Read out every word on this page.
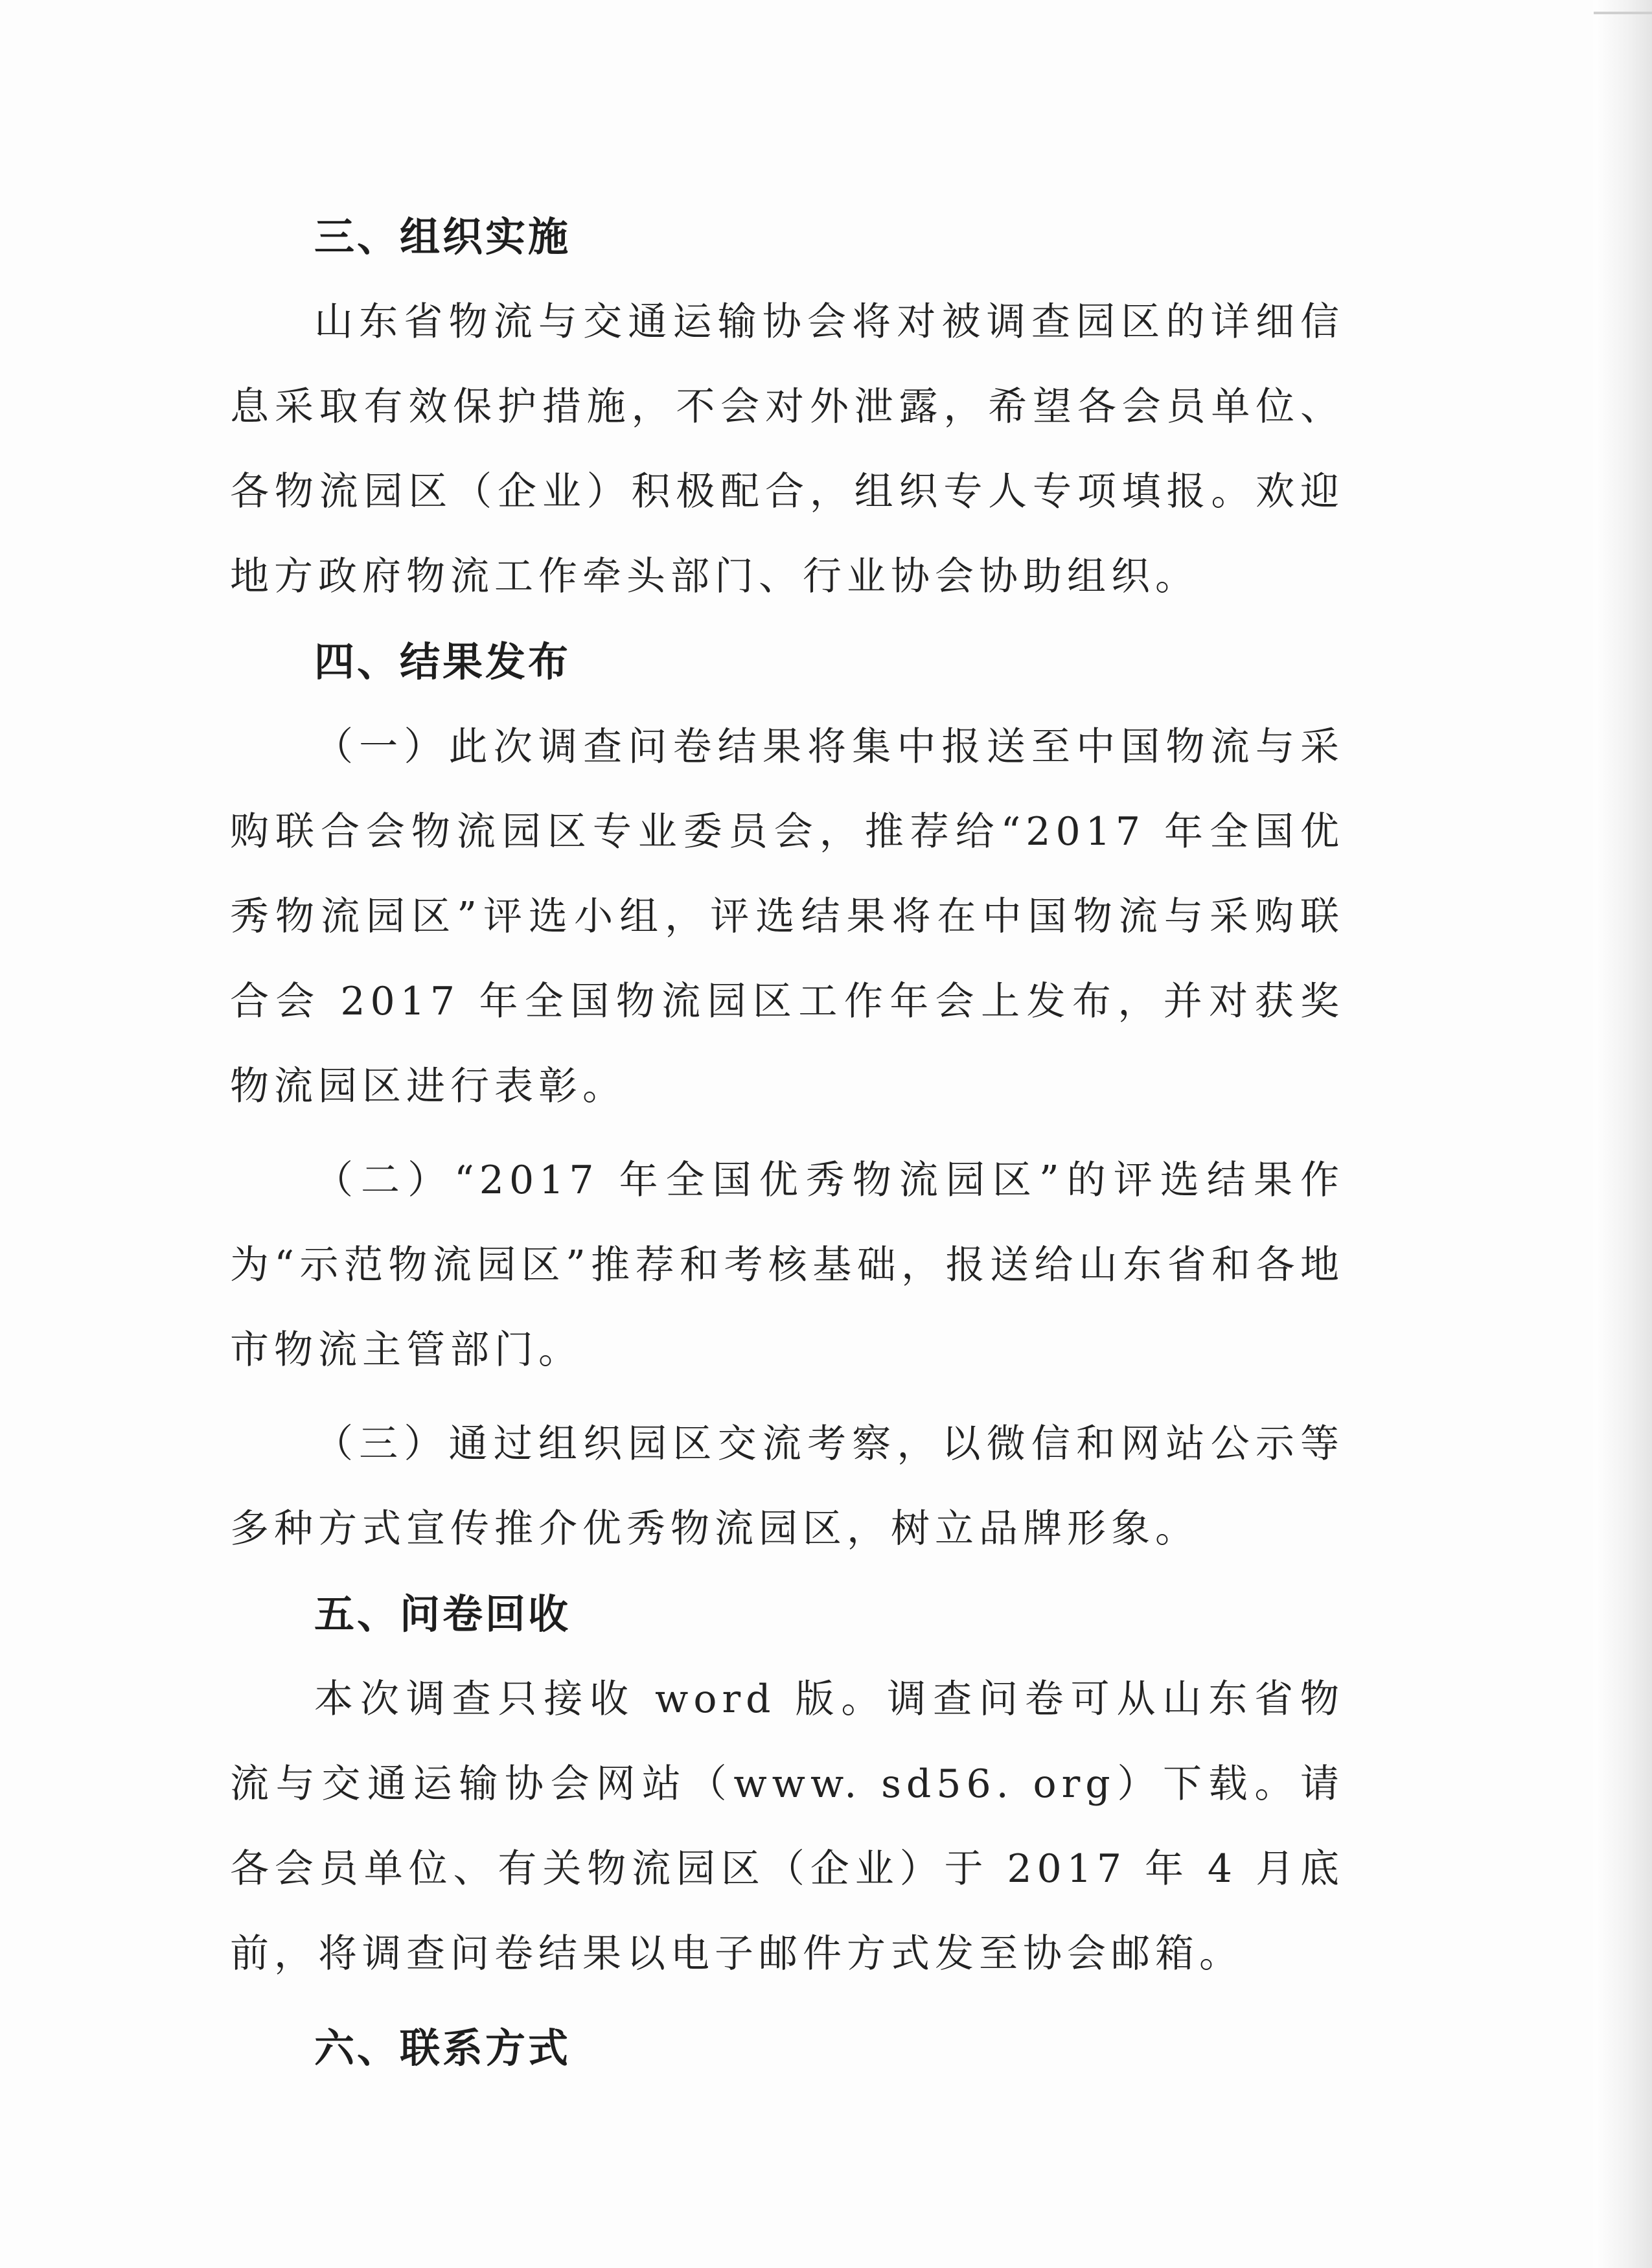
三、组织实施

山东省物流与交通运输协会将对被调查园区的详细信息采取有效保护措施，不会对外泄露，希望各会员单位、各物流园区（企业）积极配合，组织专人专项填报。欢迎地方政府物流工作牵头部门、行业协会协助组织。

四、结果发布

（一）此次调查问卷结果将集中报送至中国物流与采购联合会物流园区专业委员会，推荐给“2017 年全国优秀物流园区”评选小组，评选结果将在中国物流与采购联合会 2017 年全国物流园区工作年会上发布，并对获奖物流园区进行表彰。

（二）“2017 年全国优秀物流园区”的评选结果作为“示范物流园区”推荐和考核基础，报送给山东省和各地市物流主管部门。

（三）通过组织园区交流考察，以微信和网站公示等多种方式宣传推介优秀物流园区，树立品牌形象。

五、问卷回收

本次调查只接收 word 版。调查问卷可从山东省物流与交通运输协会网站（www. sd56. org）下载。请各会员单位、有关物流园区（企业）于 2017 年 4 月底前，将调查问卷结果以电子邮件方式发至协会邮箱。

六、联系方式
